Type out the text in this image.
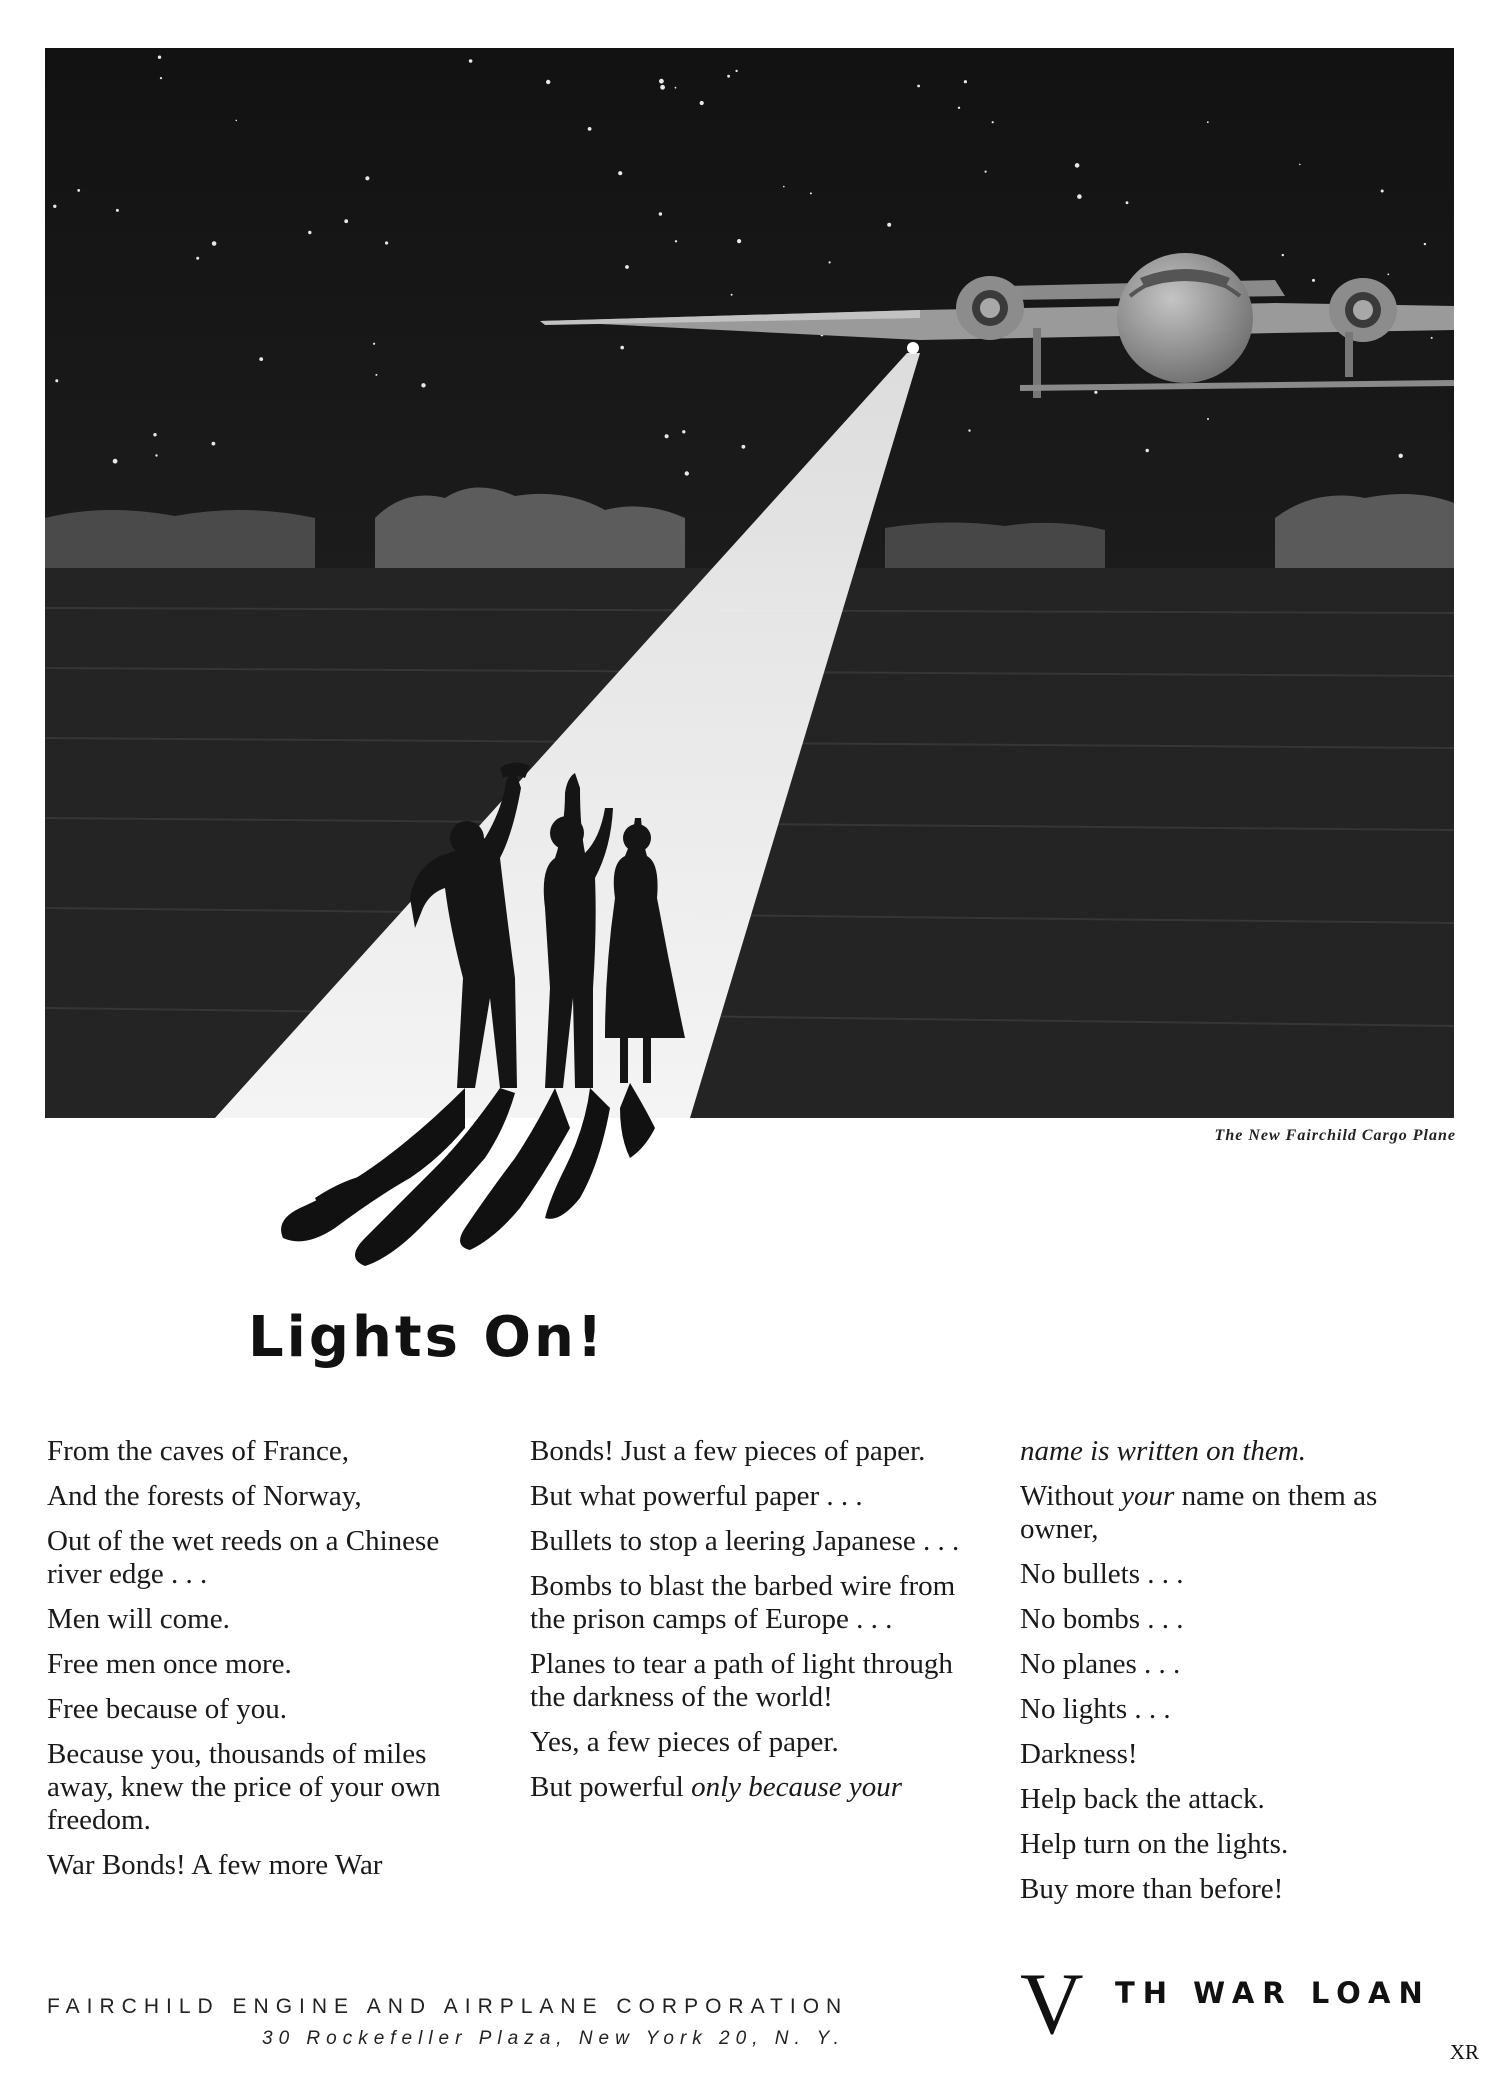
The New Fairchild Cargo Plane
Lights On!

From the caves of France,

And the forests of Norway,

Out of the wet reeds on a Chinese river edge . . .

Men will come.

Free men once more.

Free because of you.

Because you, thousands of miles away, knew the price of your own freedom.

War Bonds! A few more War

Bonds! Just a few pieces of paper.

But what powerful paper . . .

Bullets to stop a leering Japanese . . .

Bombs to blast the barbed wire from the prison camps of Europe . . .

Planes to tear a path of light through the darkness of the world!

Yes, a few pieces of paper.

But powerful only because your

name is written on them.

Without your name on them as owner,

No bullets . . .

No bombs . . .

No planes . . .

No lights . . .

Darkness!

Help back the attack.

Help turn on the lights.

Buy more than before!

FAIRCHILD ENGINE AND AIRPLANE CORPORATION
30 Rockefeller Plaza, New York 20, N. Y. V TH WAR LOAN
XR
